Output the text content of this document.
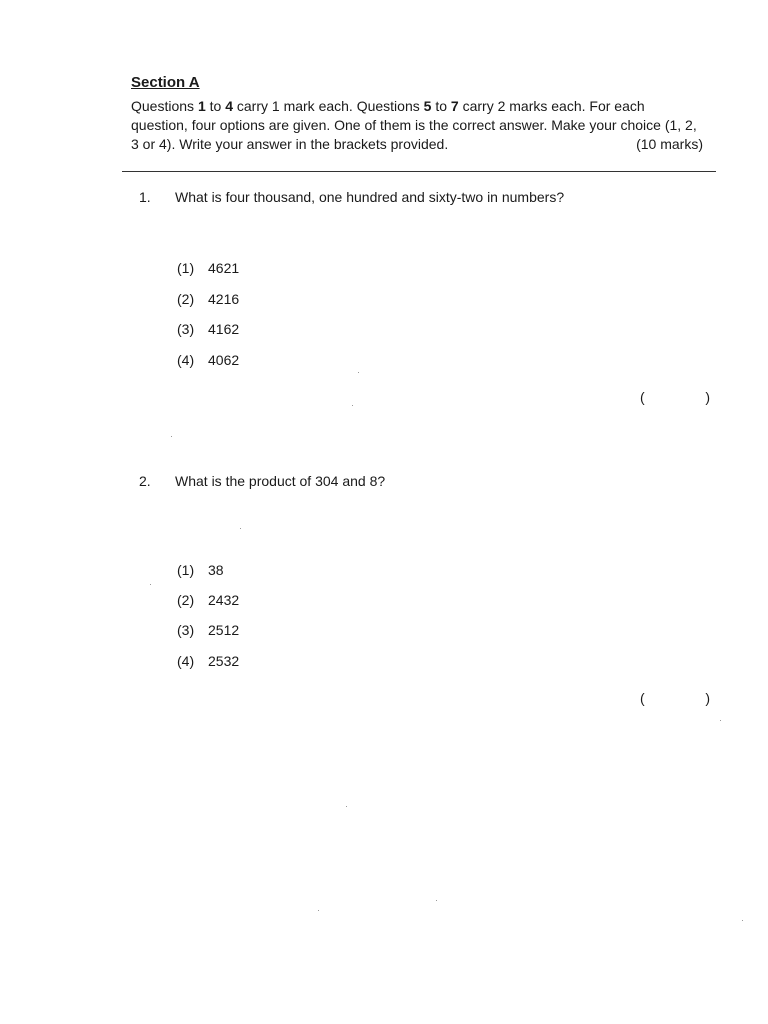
Section A

Questions 1 to 4 carry 1 mark each. Questions 5 to 7 carry 2 marks each. For each question, four options are given. One of them is the correct answer. Make your choice (1, 2, 3 or 4). Write your answer in the brackets provided.	(10 marks)

1. What is four thousand, one hundred and sixty-two in numbers?
(1) 4621
(2) 4216
(3) 4162
(4) 4062
(	)
2. What is the product of 304 and 8?
(1) 38
(2) 2432
(3) 2512
(4) 2532
(	)
